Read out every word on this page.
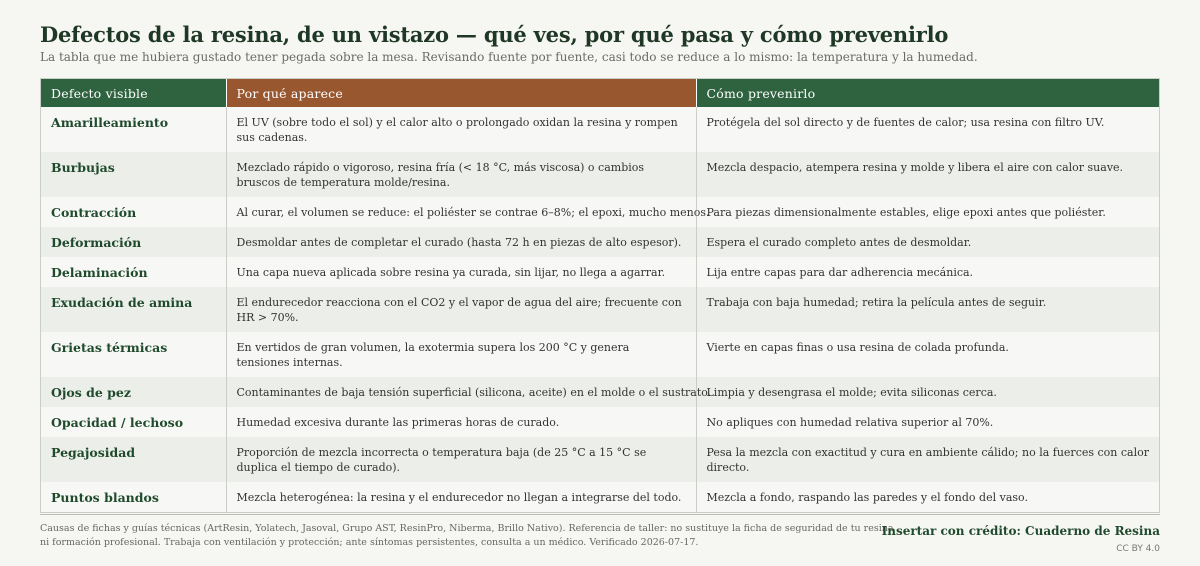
Defectos de la resina, de un vistazo — qué ves, por qué pasa y cómo prevenirlo

La tabla que me hubiera gustado tener pegada sobre la mesa. Revisando fuente por fuente, casi todo se reduce a lo mismo: la temperatura y la humedad.

Defecto visible	Por qué aparece	Cómo prevenirlo
Amarilleamiento	El UV (sobre todo el sol) y el calor alto o prolongado oxidan la resina y rompen sus cadenas.	Protégela del sol directo y de fuentes de calor; usa resina con filtro UV.
Burbujas	Mezclado rápido o vigoroso, resina fría (< 18 °C, más viscosa) o cambios bruscos de temperatura molde/resina.	Mezcla despacio, atempera resina y molde y libera el aire con calor suave.
Contracción	Al curar, el volumen se reduce: el poliéster se contrae 6–8%; el epoxi, mucho menos.	Para piezas dimensionalmente estables, elige epoxi antes que poliéster.
Deformación	Desmoldar antes de completar el curado (hasta 72 h en piezas de alto espesor).	Espera el curado completo antes de desmoldar.
Delaminación	Una capa nueva aplicada sobre resina ya curada, sin lijar, no llega a agarrar.	Lija entre capas para dar adherencia mecánica.
Exudación de amina	El endurecedor reacciona con el CO2 y el vapor de agua del aire; frecuente con HR > 70%.	Trabaja con baja humedad; retira la película antes de seguir.
Grietas térmicas	En vertidos de gran volumen, la exotermia supera los 200 °C y genera tensiones internas.	Vierte en capas finas o usa resina de colada profunda.
Ojos de pez	Contaminantes de baja tensión superficial (silicona, aceite) en el molde o el sustrato.	Limpia y desengrasa el molde; evita siliconas cerca.
Opacidad / lechoso	Humedad excesiva durante las primeras horas de curado.	No apliques con humedad relativa superior al 70%.
Pegajosidad	Proporción de mezcla incorrecta o temperatura baja (de 25 °C a 15 °C se duplica el tiempo de curado).	Pesa la mezcla con exactitud y cura en ambiente cálido; no la fuerces con calor directo.
Puntos blandos	Mezcla heterogénea: la resina y el endurecedor no llegan a integrarse del todo.	Mezcla a fondo, raspando las paredes y el fondo del vaso.

Causas de fichas y guías técnicas (ArtResin, Yolatech, Jasoval, Grupo AST, ResinPro, Niberma, Brillo Nativo). Referencia de taller: no sustituye la ficha de seguridad de tu resina ni formación profesional. Trabaja con ventilación y protección; ante síntomas persistentes, consulta a un médico. Verificado 2026-07-17.

Insertar con crédito: Cuaderno de Resina

CC BY 4.0
